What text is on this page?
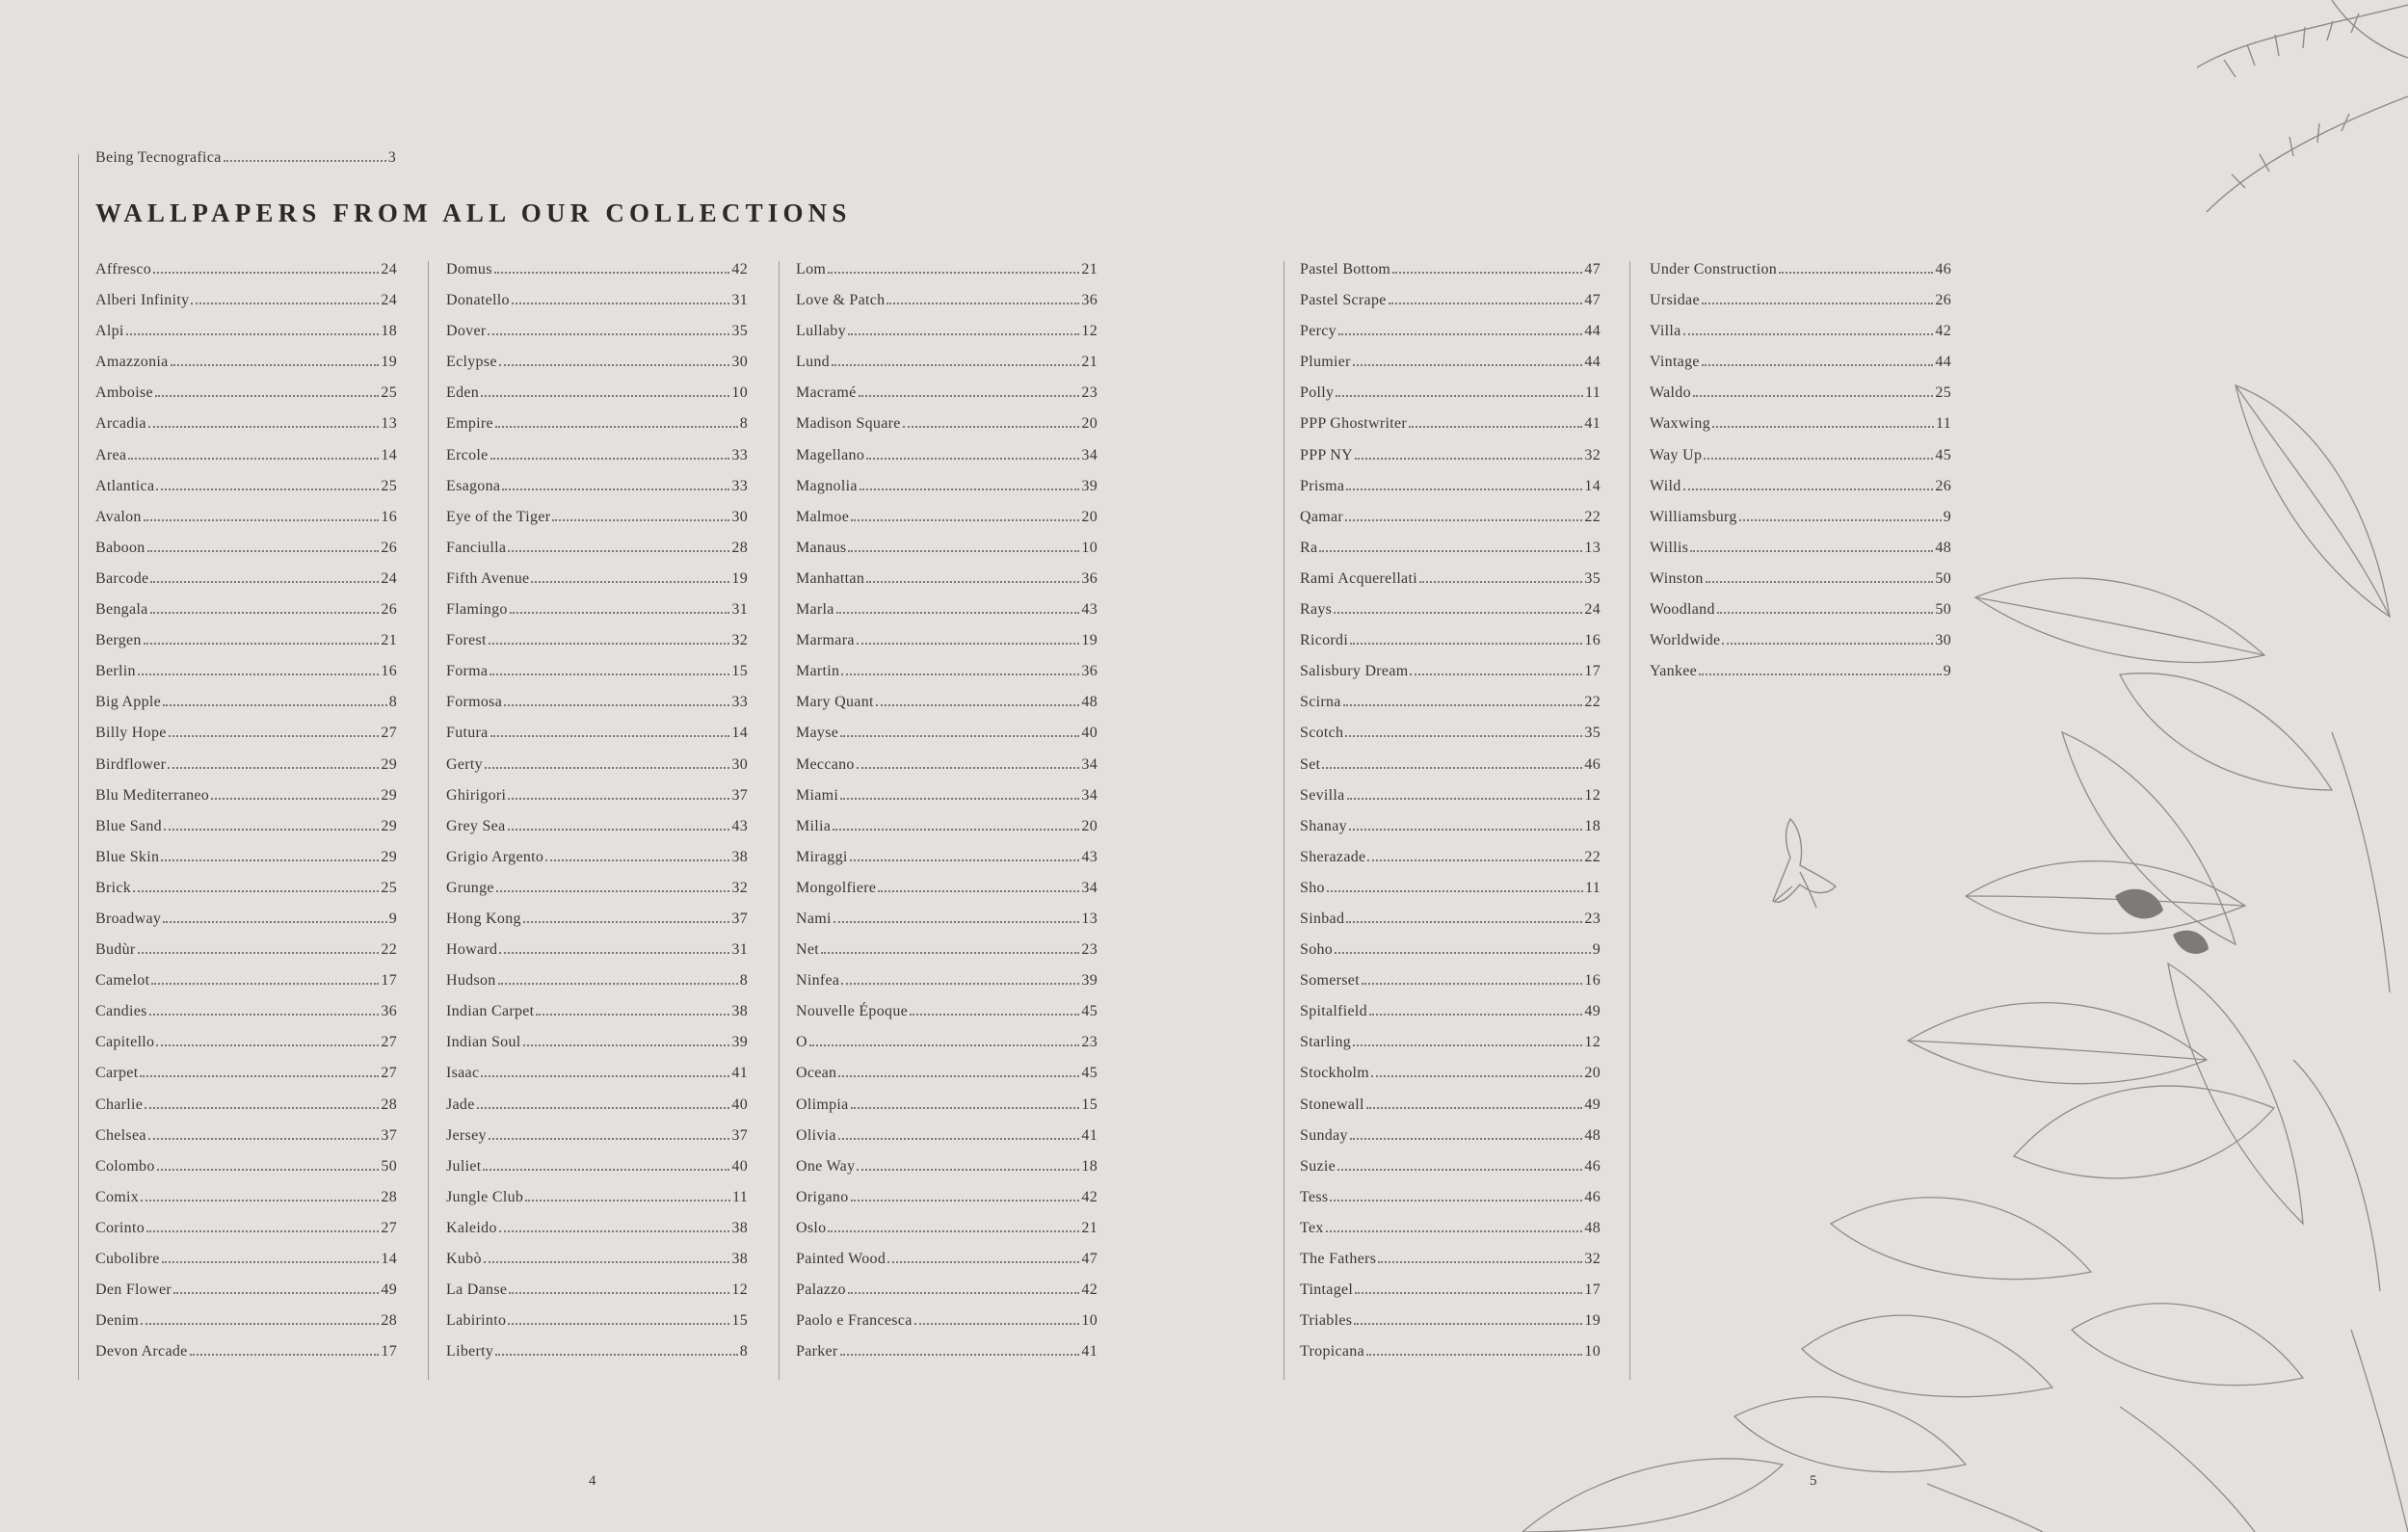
Being Tecnografica	3
WALLPAPERS FROM ALL OUR COLLECTIONS
Affresco	24
Alberi Infinity	24
Alpi	18
Amazzonia	19
Amboise	25
Arcadia	13
Area	14
Atlantica	25
Avalon	16
Baboon	26
Barcode	24
Bengala	26
Bergen	21
Berlin	16
Big Apple	8
Billy Hope	27
Birdflower	29
Blu Mediterraneo	29
Blue Sand	29
Blue Skin	29
Brick	25
Broadway	9
Budùr	22
Camelot	17
Candies	36
Capitello	27
Carpet	27
Charlie	28
Chelsea	37
Colombo	50
Comix	28
Corinto	27
Cubolibre	14
Den Flower	49
Denim	28
Devon Arcade	17
Domus	42
Donatello	31
Dover	35
Eclypse	30
Eden	10
Empire	8
Ercole	33
Esagona	33
Eye of the Tiger	30
Fanciulla	28
Fifth Avenue	19
Flamingo	31
Forest	32
Forma	15
Formosa	33
Futura	14
Gerty	30
Ghirigori	37
Grey Sea	43
Grigio Argento	38
Grunge	32
Hong Kong	37
Howard	31
Hudson	8
Indian Carpet	38
Indian Soul	39
Isaac	41
Jade	40
Jersey	37
Juliet	40
Jungle Club	11
Kaleido	38
Kubò	38
La Danse	12
Labirinto	15
Liberty	8
Lom	21
Love & Patch	36
Lullaby	12
Lund	21
Macramé	23
Madison Square	20
Magellano	34
Magnolia	39
Malmoe	20
Manaus	10
Manhattan	36
Marla	43
Marmara	19
Martin	36
Mary Quant	48
Mayse	40
Meccano	34
Miami	34
Milia	20
Miraggi	43
Mongolfiere	34
Nami	13
Net	23
Ninfea	39
Nouvelle Époque	45
O	23
Ocean	45
Olimpia	15
Olivia	41
One Way	18
Origano	42
Oslo	21
Painted Wood	47
Palazzo	42
Paolo e Francesca	10
Parker	41
Pastel Bottom	47
Pastel Scrape	47
Percy	44
Plumier	44
Polly	11
PPP Ghostwriter	41
PPP NY	32
Prisma	14
Qamar	22
Ra	13
Rami Acquerellati	35
Rays	24
Ricordi	16
Salisbury Dream	17
Scirna	22
Scotch	35
Set	46
Sevilla	12
Shanay	18
Sherazade	22
Sho	11
Sinbad	23
Soho	9
Somerset	16
Spitalfield	49
Starling	12
Stockholm	20
Stonewall	49
Sunday	48
Suzie	46
Tess	46
Tex	48
The Fathers	32
Tintagel	17
Triables	19
Tropicana	10
Under Construction	46
Ursidae	26
Villa	42
Vintage	44
Waldo	25
Waxwing	11
Way Up	45
Wild	26
Williamsburg	9
Willis	48
Winston	50
Woodland	50
Worldwide	30
Yankee	9
4	5
